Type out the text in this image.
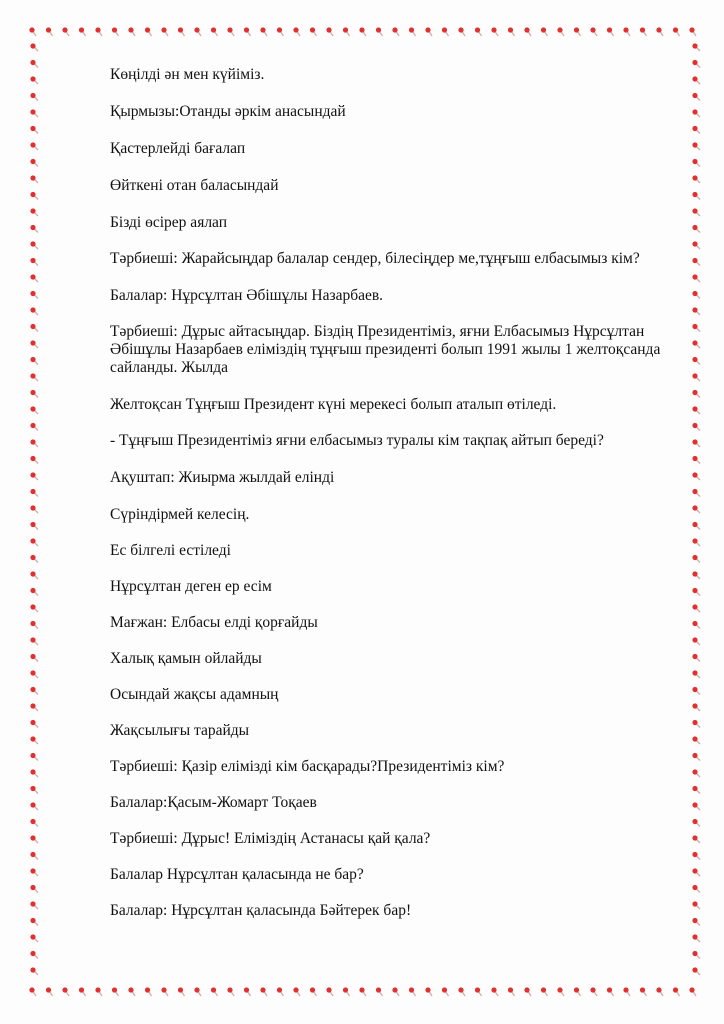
Көңілді ән мен күйіміз.

Қырмызы:Отанды әркім анасындай

Қастерлейді бағалап

Өйткені отан баласындай

Бізді өсірер аялап

Тәрбиеші: Жарайсыңдар балалар сендер, білесіңдер ме,тұңғыш елбасымыз кім?

Балалар: Нұрсұлтан Әбішұлы Назарбаев.

Тәрбиеші: Дұрыс айтасыңдар. Біздің Президентіміз, яғни Елбасымыз Нұрсұлтан Әбішұлы Назарбаев еліміздің тұңғыш президенті болып 1991 жылы 1 желтоқсанда сайланды. Жылда

Желтоқсан Тұңғыш Президент күні мерекесі болып аталып өтіледі.

- Тұңғыш Президентіміз яғни елбасымыз туралы кім тақпақ айтып береді?

Ақуштап: Жиырма жылдай елінді

Сүріндірмей келесің.

Ес білгелі естіледі

Нұрсұлтан деген ер есім

Мағжан: Елбасы елді қорғайды

Халық қамын ойлайды

Осындай жақсы адамның

Жақсылығы тарайды

Тәрбиеші: Қазір елімізді кім басқарады?Президентіміз кім?

Балалар:Қасым-Жомарт Тоқаев

Тәрбиеші: Дұрыс! Еліміздің Астанасы қай қала?

Балалар Нұрсұлтан қаласында не бар?

Балалар: Нұрсұлтан қаласында Бәйтерек бар!
